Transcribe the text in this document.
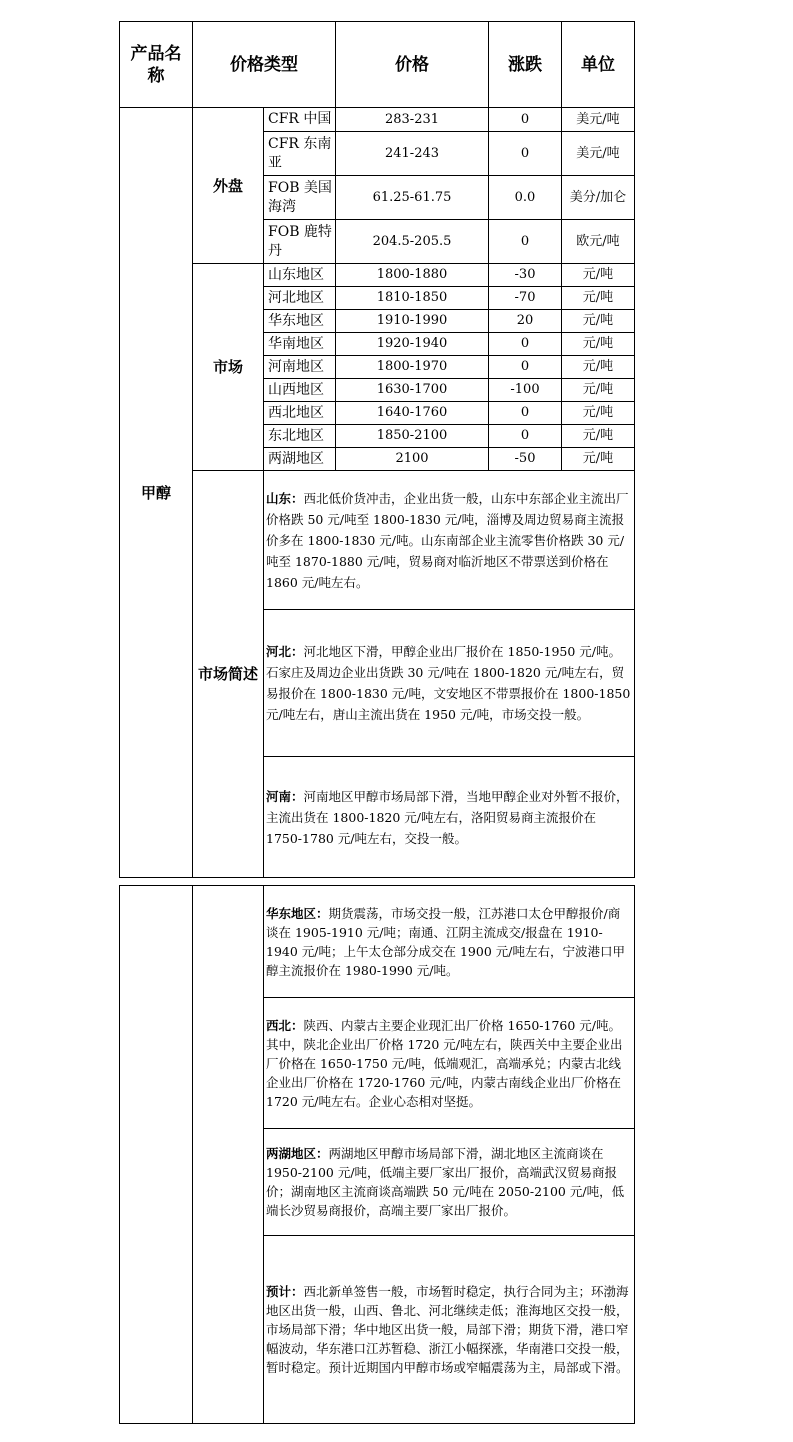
产品名称	价格类型		价格	涨跌	单位
甲醇	外盘	CFR 中国	283-231	0	美元/吨
		CFR 东南亚	241-243	0	美元/吨
		FOB 美国海湾	61.25-61.75	0.0	美分/加仑
		FOB 鹿特丹	204.5-205.5	0	欧元/吨
	市场	山东地区	1800-1880	-30	元/吨
		河北地区	1810-1850	-70	元/吨
		华东地区	1910-1990	20	元/吨
		华南地区	1920-1940	0	元/吨
		河南地区	1800-1970	0	元/吨
		山西地区	1630-1700	-100	元/吨
		西北地区	1640-1760	0	元/吨
		东北地区	1850-2100	0	元/吨
		两湖地区	2100	-50	元/吨
	市场简述	山东：西北低价货冲击，企业出货一般，山东中东部企业主流出厂价格跌 50 元/吨至 1800-1830 元/吨，淄博及周边贸易商主流报价多在 1800-1830 元/吨。山东南部企业主流零售价格跌 30 元/吨至 1870-1880 元/吨，贸易商对临沂地区不带票送到价格在 1860 元/吨左右。			
		河北：河北地区下滑，甲醇企业出厂报价在 1850-1950 元/吨。石家庄及周边企业出货跌 30 元/吨在 1800-1820 元/吨左右，贸易报价在 1800-1830 元/吨，文安地区不带票报价在 1800-1850 元/吨左右，唐山主流出货在 1950 元/吨，市场交投一般。			
		河南：河南地区甲醇市场局部下滑，当地甲醇企业对外暂不报价，主流出货在 1800-1820 元/吨左右，洛阳贸易商主流报价在 1750-1780 元/吨左右，交投一般。			
		华东地区：期货震荡，市场交投一般，江苏港口太仓甲醇报价/商谈在 1905-1910 元/吨；南通、江阴主流成交/报盘在 1910-1940 元/吨；上午太仓部分成交在 1900 元/吨左右，宁波港口甲醇主流报价在 1980-1990 元/吨。
西北：陕西、内蒙古主要企业现汇出厂价格 1650-1760 元/吨。其中，陕北企业出厂价格 1720 元/吨左右，陕西关中主要企业出厂价格在 1650-1750 元/吨，低端观汇，高端承兑；内蒙古北线企业出厂价格在 1720-1760 元/吨，内蒙古南线企业出厂价格在 1720 元/吨左右。企业心态相对坚挺。
两湖地区：两湖地区甲醇市场局部下滑，湖北地区主流商谈在 1950-2100 元/吨，低端主要厂家出厂报价，高端武汉贸易商报价；湖南地区主流商谈高端跌 50 元/吨在 2050-2100 元/吨，低端长沙贸易商报价，高端主要厂家出厂报价。
预计：西北新单签售一般，市场暂时稳定，执行合同为主；环渤海地区出货一般，山西、鲁北、河北继续走低；淮海地区交投一般，市场局部下滑；华中地区出货一般，局部下滑；期货下滑，港口窄幅波动，华东港口江苏暂稳、浙江小幅探涨，华南港口交投一般，暂时稳定。预计近期国内甲醇市场或窄幅震荡为主，局部或下滑。
